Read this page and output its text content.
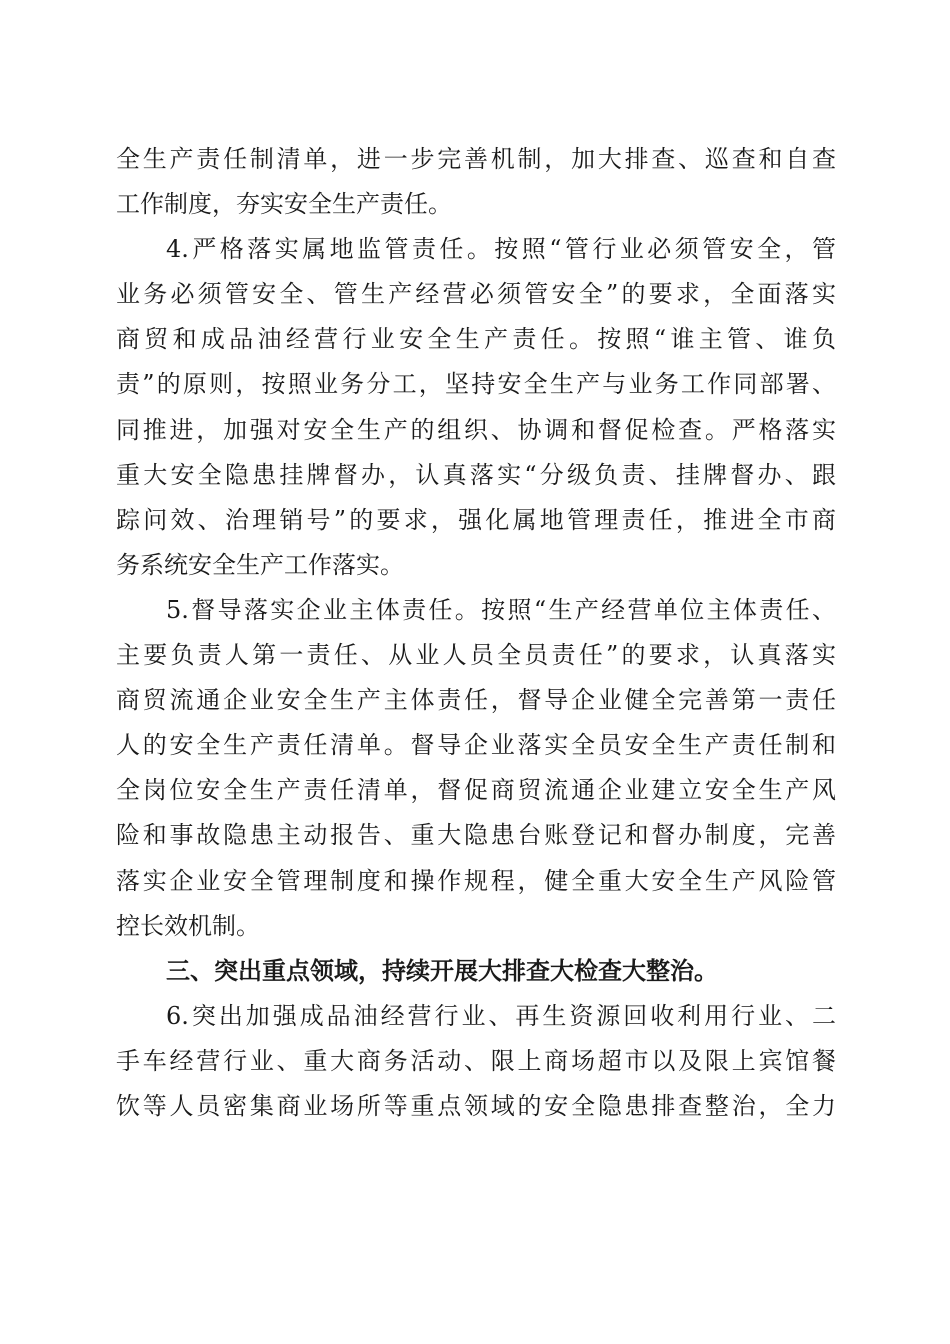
全生产责任制清单，进一步完善机制，加大排查、巡查和自查
工作制度，夯实安全生产责任。
4.严格落实属地监管责任。按照“管行业必须管安全，管
业务必须管安全、管生产经营必须管安全”的要求，全面落实
商贸和成品油经营行业安全生产责任。按照“谁主管、谁负
责”的原则，按照业务分工，坚持安全生产与业务工作同部署、
同推进，加强对安全生产的组织、协调和督促检查。严格落实
重大安全隐患挂牌督办，认真落实“分级负责、挂牌督办、跟
踪问效、治理销号”的要求，强化属地管理责任，推进全市商
务系统安全生产工作落实。
5.督导落实企业主体责任。按照“生产经营单位主体责任、
主要负责人第一责任、从业人员全员责任”的要求，认真落实
商贸流通企业安全生产主体责任，督导企业健全完善第一责任
人的安全生产责任清单。督导企业落实全员安全生产责任制和
全岗位安全生产责任清单，督促商贸流通企业建立安全生产风
险和事故隐患主动报告、重大隐患台账登记和督办制度，完善
落实企业安全管理制度和操作规程，健全重大安全生产风险管
控长效机制。
三、突出重点领域，持续开展大排查大检查大整治。
6.突出加强成品油经营行业、再生资源回收利用行业、二
手车经营行业、重大商务活动、限上商场超市以及限上宾馆餐
饮等人员密集商业场所等重点领域的安全隐患排查整治，全力
